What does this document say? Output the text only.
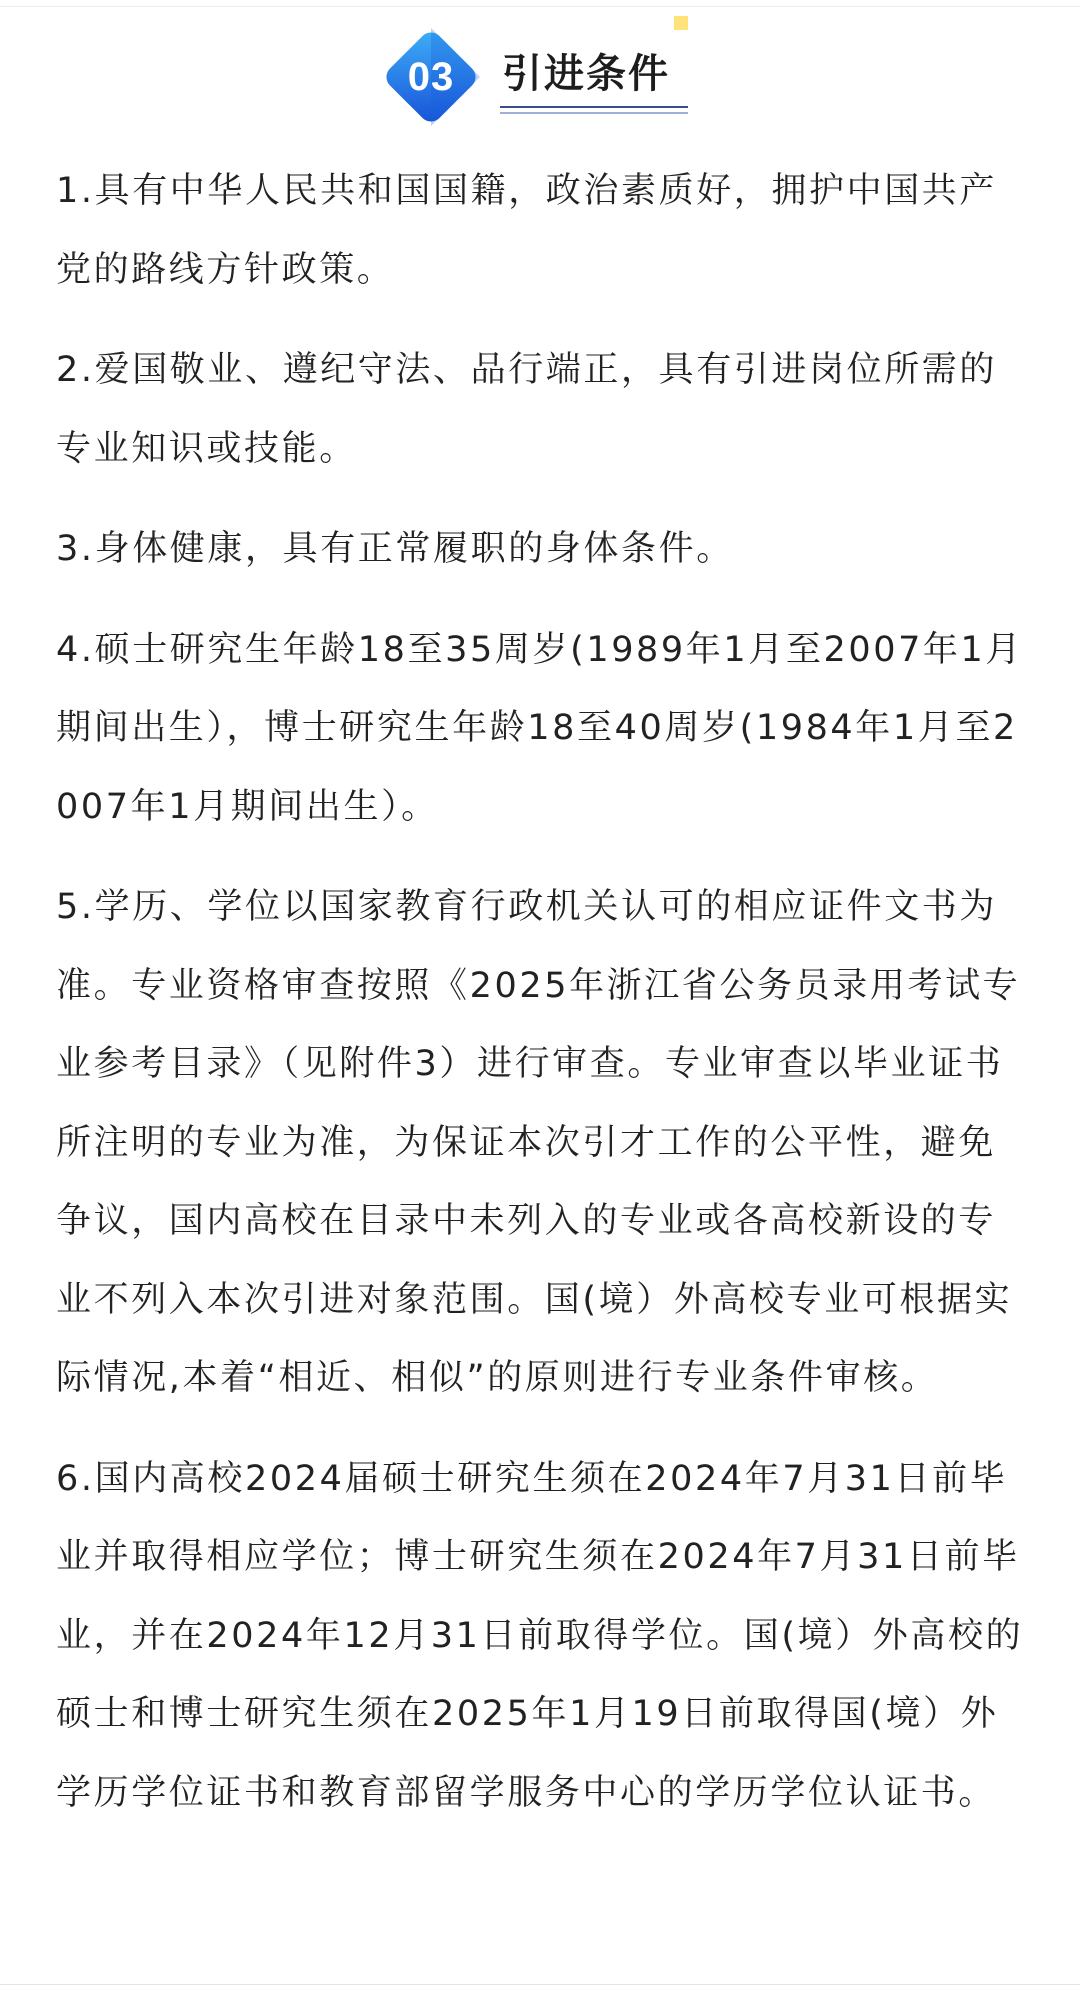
03	引进条件

1.具有中华人民共和国国籍，政治素质好，拥护中国共产党的路线方针政策。

2.爱国敬业、遵纪守法、品行端正，具有引进岗位所需的专业知识或技能。

3.身体健康，具有正常履职的身体条件。

4.硕士研究生年龄18至35周岁(1989年1月至2007年1月期间出生），博士研究生年龄18至40周岁(1984年1月至2007年1月期间出生）。

5.学历、学位以国家教育行政机关认可的相应证件文书为准。专业资格审查按照《2025年浙江省公务员录用考试专业参考目录》（见附件3）进行审查。专业审查以毕业证书所注明的专业为准，为保证本次引才工作的公平性，避免争议，国内高校在目录中未列入的专业或各高校新设的专业不列入本次引进对象范围。国(境）外高校专业可根据实际情况,本着“相近、相似”的原则进行专业条件审核。

6.国内高校2024届硕士研究生须在2024年7月31日前毕业并取得相应学位；博士研究生须在2024年7月31日前毕业，并在2024年12月31日前取得学位。国(境）外高校的硕士和博士研究生须在2025年1月19日前取得国(境）外学历学位证书和教育部留学服务中心的学历学位认证书。
